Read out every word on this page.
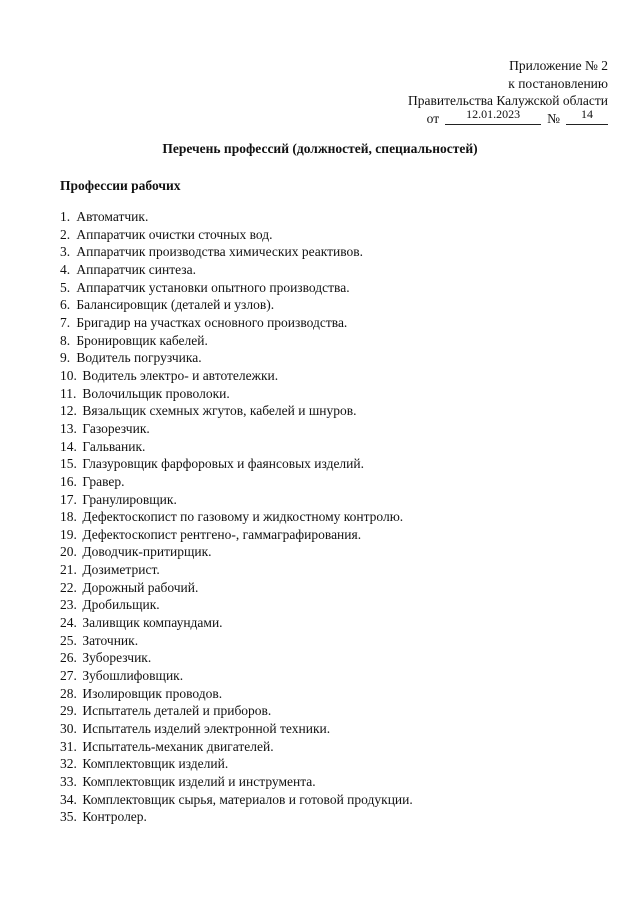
Приложение № 2
к постановлению
Правительства Калужской области
от 12.01.2023 № 14
Перечень профессий (должностей, специальностей)
Профессии рабочих
1. Автоматчик.
2. Аппаратчик очистки сточных вод.
3. Аппаратчик производства химических реактивов.
4. Аппаратчик синтеза.
5. Аппаратчик установки опытного производства.
6. Балансировщик (деталей и узлов).
7. Бригадир на участках основного производства.
8. Бронировщик кабелей.
9. Водитель погрузчика.
10. Водитель электро- и автотележки.
11. Волочильщик проволоки.
12. Вязальщик схемных жгутов, кабелей и шнуров.
13. Газорезчик.
14. Гальваник.
15. Глазуровщик фарфоровых и фаянсовых изделий.
16. Гравер.
17. Гранулировщик.
18. Дефектоскопист по газовому и жидкостному контролю.
19. Дефектоскопист рентгено-, гаммаграфирования.
20. Доводчик-притирщик.
21. Дозиметрист.
22. Дорожный рабочий.
23. Дробильщик.
24. Заливщик компаундами.
25. Заточник.
26. Зуборезчик.
27. Зубошлифовщик.
28. Изолировщик проводов.
29. Испытатель деталей и приборов.
30. Испытатель изделий электронной техники.
31. Испытатель-механик двигателей.
32. Комплектовщик изделий.
33. Комплектовщик изделий и инструмента.
34. Комплектовщик сырья, материалов и готовой продукции.
35. Контролер.
